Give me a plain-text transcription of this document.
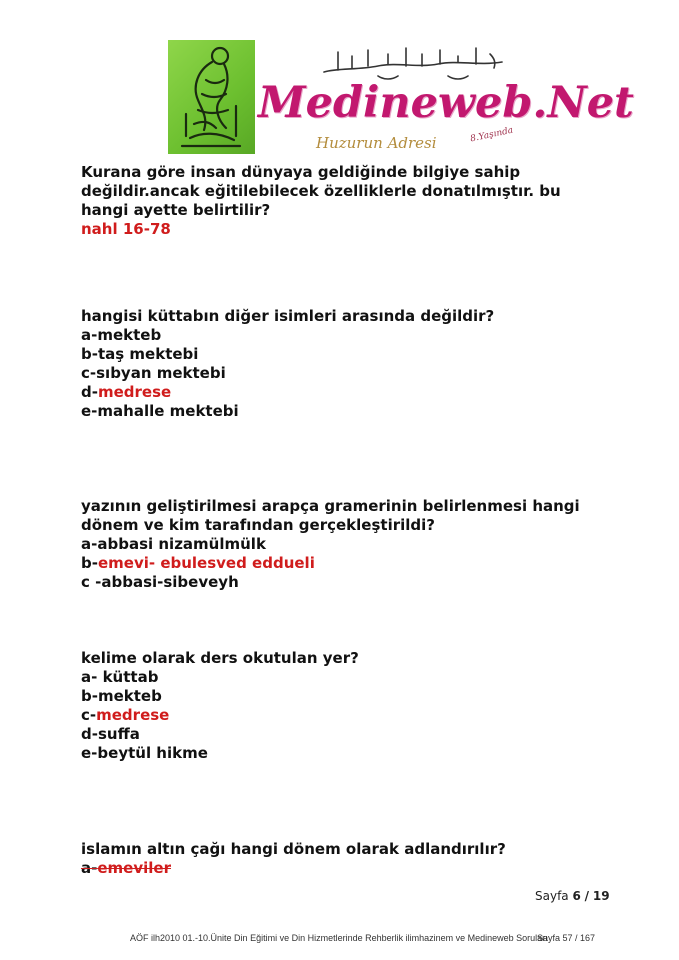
Medineweb.Net
Huzurun Adresi	8.Yaşında
Kurana göre insan dünyaya geldiğinde bilgiye sahip
değildir.ancak eğitilebilecek özelliklerle donatılmıştır. bu
hangi ayette belirtilir?
nahl 16-78
hangisi küttabın diğer isimleri arasında değildir?
a-mekteb
b-taş mektebi
c-sıbyan mektebi
d-medrese
e-mahalle mektebi
yazının geliştirilmesi arapça gramerinin belirlenmesi hangi
dönem ve kim tarafından gerçekleştirildi?
a-abbasi nizamülmülk
b-emevi- ebulesved eddueli
c -abbasi-sibeveyh
kelime olarak ders okutulan yer?
a- küttab
b-mekteb
c-medrese
d-suffa
e-beytül hikme
islamın altın çağı hangi dönem olarak adlandırılır?
a-emeviler
Sayfa 6 / 19
AÖF ilh2010 01.-10.Ünite Din Eğitimi ve Din Hizmetlerinde Rehberlik ilimhazinem ve Medineweb Soruları
Sayfa 57 / 167
